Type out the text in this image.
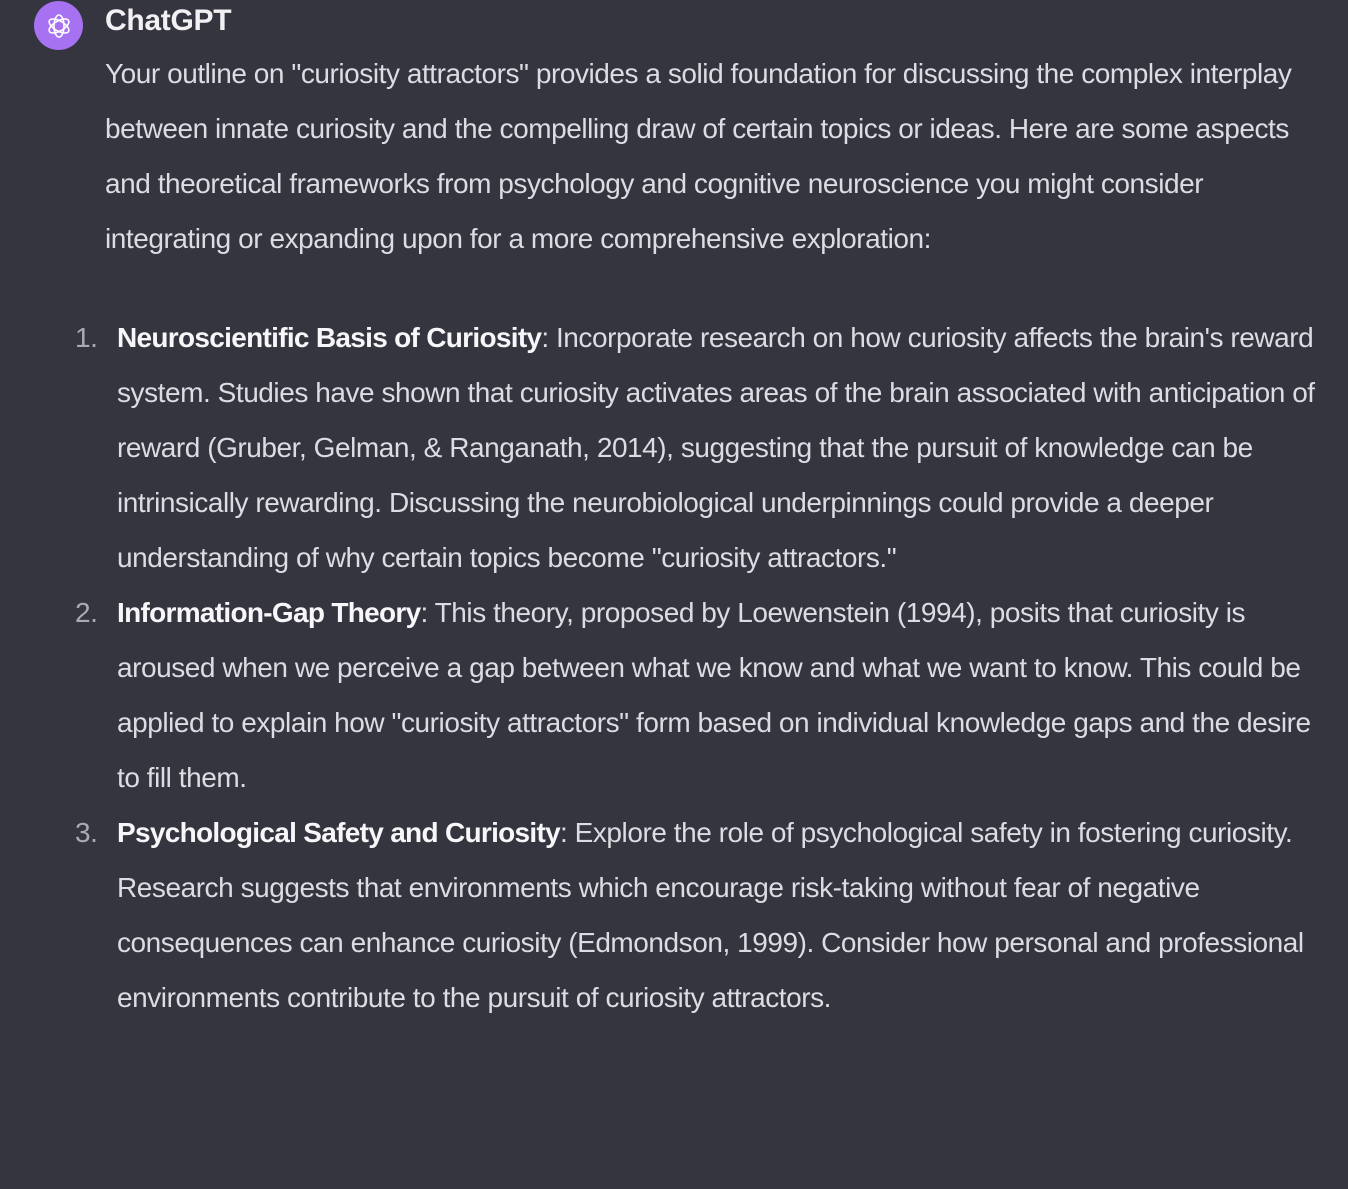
ChatGPT

Your outline on "curiosity attractors" provides a solid foundation for discussing the complex interplay between innate curiosity and the compelling draw of certain topics or ideas. Here are some aspects and theoretical frameworks from psychology and cognitive neuroscience you might consider integrating or expanding upon for a more comprehensive exploration:

1. Neuroscientific Basis of Curiosity: Incorporate research on how curiosity affects the brain's reward system. Studies have shown that curiosity activates areas of the brain associated with anticipation of reward (Gruber, Gelman, & Ranganath, 2014), suggesting that the pursuit of knowledge can be intrinsically rewarding. Discussing the neurobiological underpinnings could provide a deeper understanding of why certain topics become "curiosity attractors."
2. Information-Gap Theory: This theory, proposed by Loewenstein (1994), posits that curiosity is aroused when we perceive a gap between what we know and what we want to know. This could be applied to explain how "curiosity attractors" form based on individual knowledge gaps and the desire to fill them.
3. Psychological Safety and Curiosity: Explore the role of psychological safety in fostering curiosity. Research suggests that environments which encourage risk-taking without fear of negative consequences can enhance curiosity (Edmondson, 1999). Consider how personal and professional environments contribute to the pursuit of curiosity attractors.
